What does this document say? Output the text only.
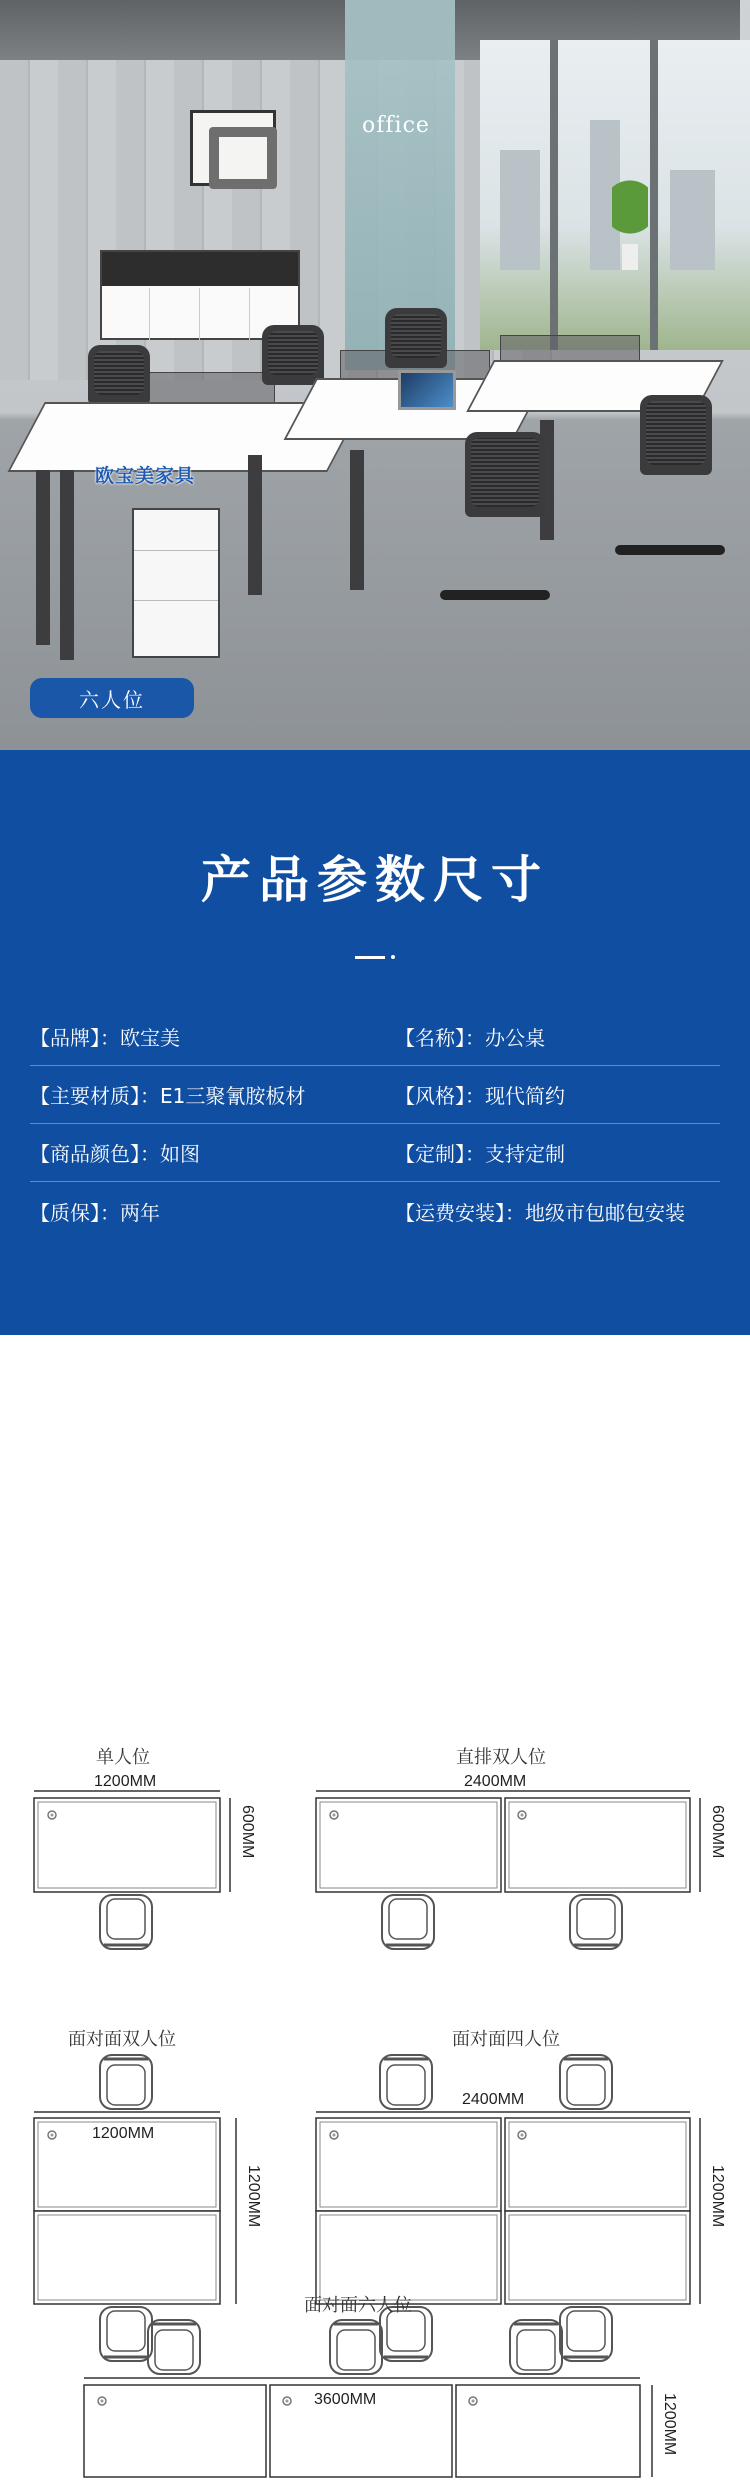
office
欧宝美家具
六人位
产品参数尺寸
【品牌】：欧宝美	【名称】：办公桌
【主要材质】：E1三聚氰胺板材	【风格】：现代简约
【商品颜色】：如图	【定制】：支持定制
【质保】：两年	【运费安装】：地级市包邮包安装
单人位
1200MM
600MM
直排双人位
2400MM
600MM
面对面双人位
1200MM
1200MM
面对面四人位
2400MM
1200MM
面对面六人位
3600MM	1200MM
